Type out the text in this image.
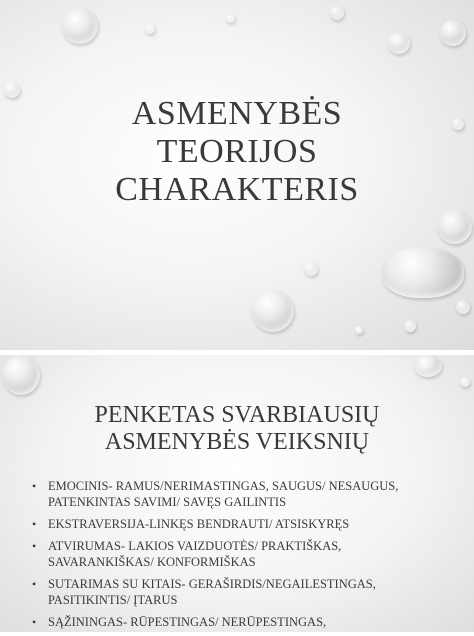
ASMENYBĖS
TEORIJOS
CHARAKTERIS
PENKETAS SVARBIAUSIŲ
ASMENYBĖS VEIKSNIŲ
• EMOCINIS- RAMUS/NERIMASTINGAS, SAUGUS/ NESAUGUS, PATENKINTAS SAVIMI/ SAVĘS GAILINTIS
• EKSTRAVERSIJA-LINKĘS BENDRAUTI/ ATSISKYRĘS
• ATVIRUMAS- LAKIOS VAIZDUOTĖS/ PRAKTIŠKAS, SAVARANKIŠKAS/ KONFORMIŠKAS
• SUTARIMAS SU KITAIS- GERAŠIRDIS/NEGAILESTINGAS, PASITIKINTIS/ ĮTARUS
• SĄŽININGAS- RŪPESTINGAS/ NERŪPESTINGAS,
